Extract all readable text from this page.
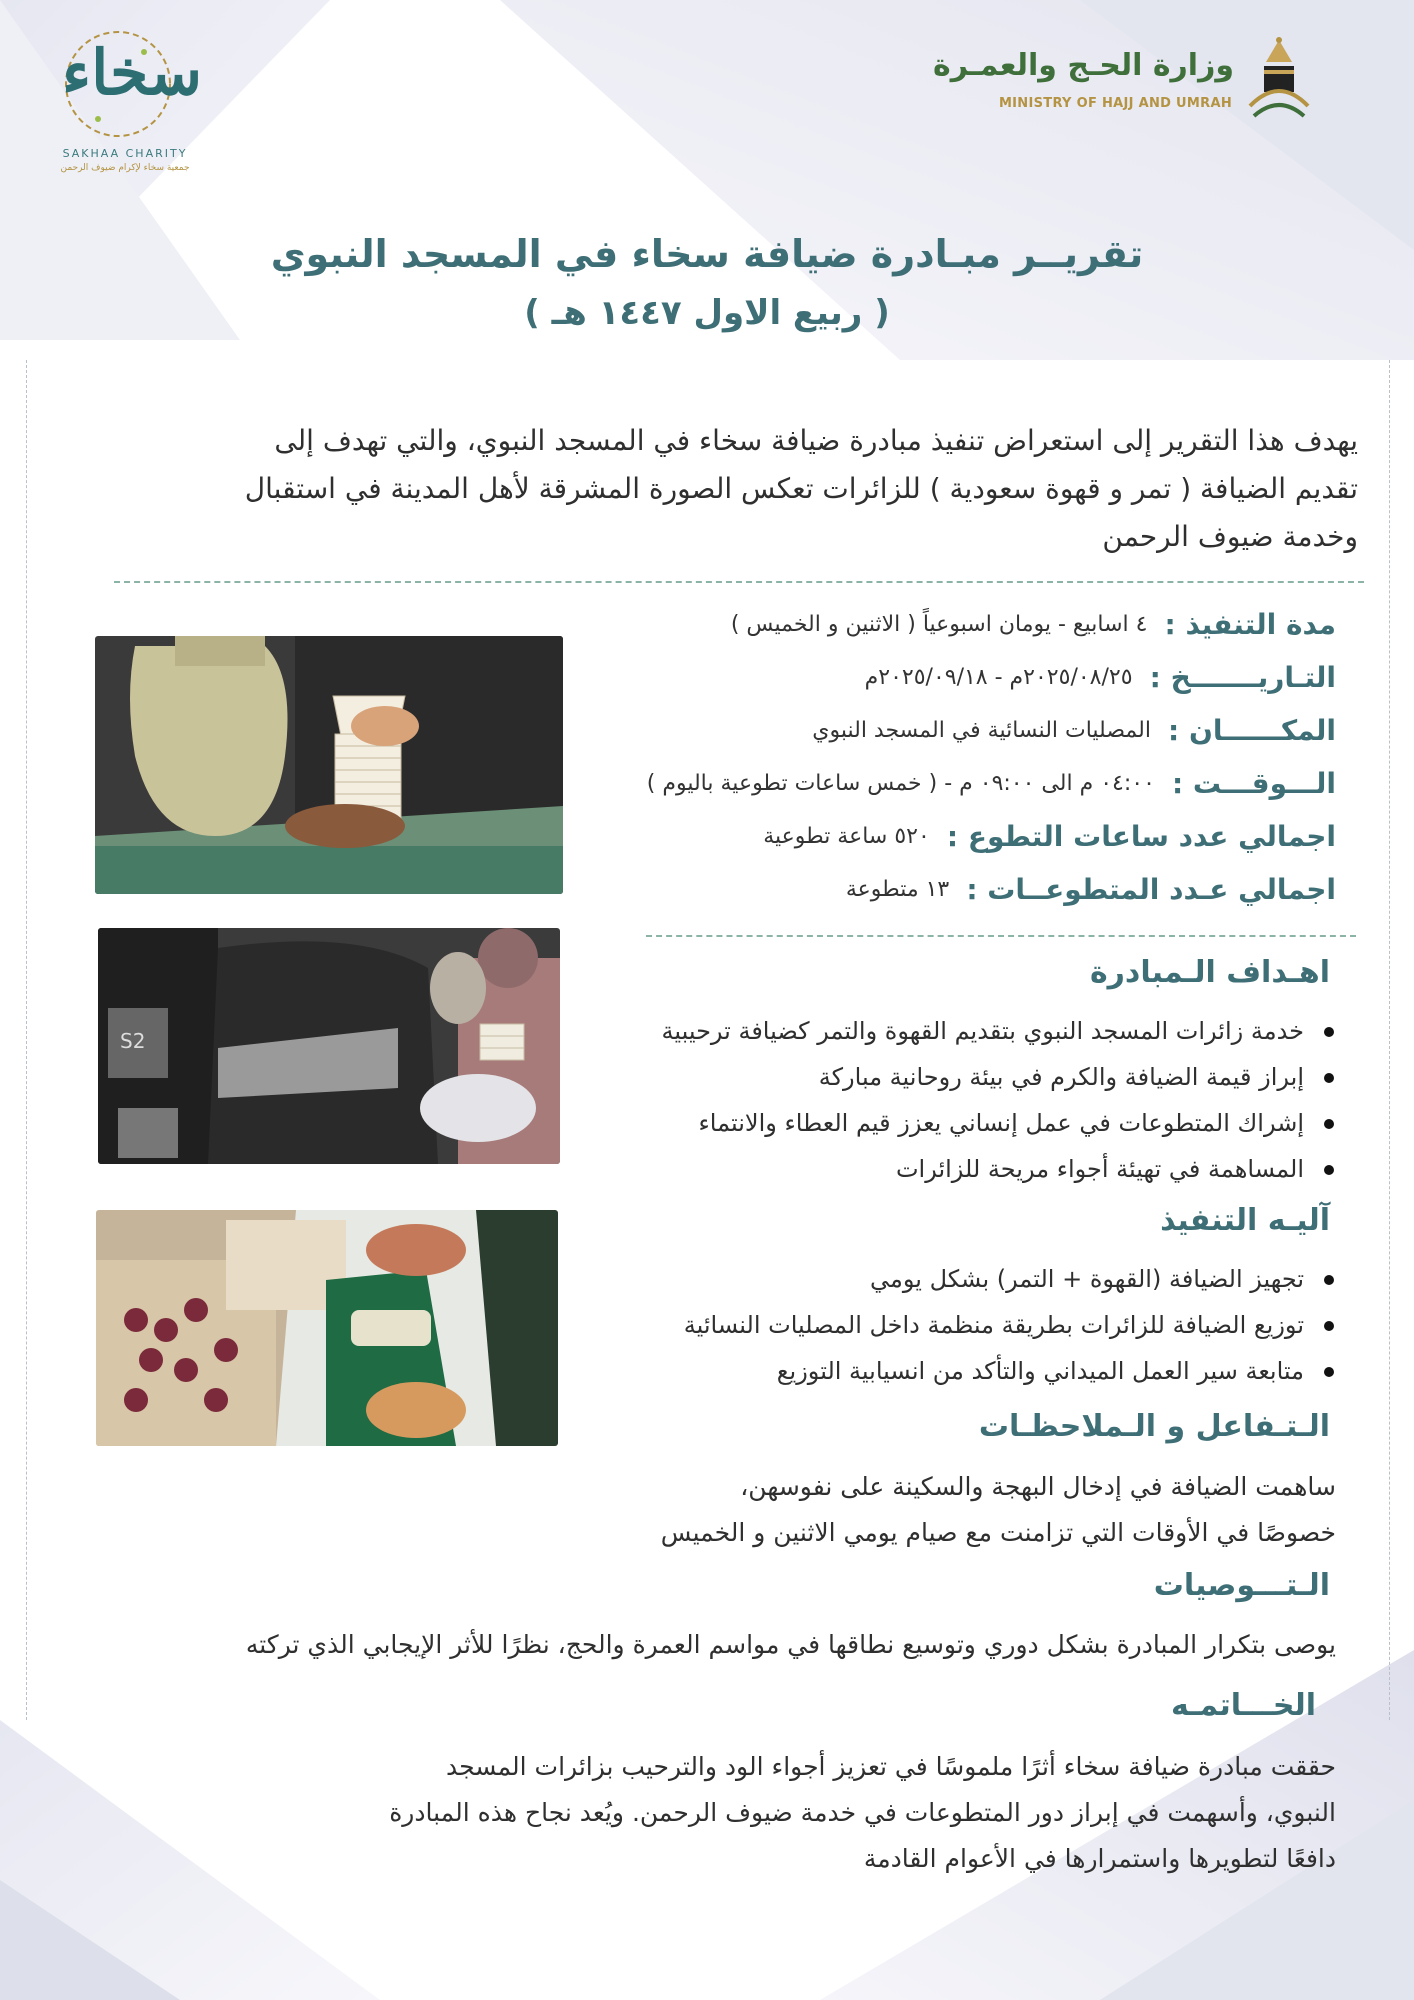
وزارة الحـج والعمـرة
MINISTRY OF HAJJ AND UMRAH
سخاء
SAKHAA CHARITY
جمعية سخاء لإكرام ضيوف الرحمن
تقريــر مبـادرة ضيافة سخاء في المسجد النبوي
( ربيع الاول ١٤٤٧ هـ )
يهدف هذا التقرير إلى استعراض تنفيذ مبادرة ضيافة سخاء في المسجد النبوي، والتي تهدف إلى تقديم الضيافة ( تمر و قهوة سعودية ) للزائرات تعكس الصورة المشرقة لأهل المدينة في استقبال وخدمة ضيوف الرحمن
S2
مدة التنفيذ : ٤ اسابيع - يومان اسبوعياً ( الاثنين و الخميس )
التـاريـــــــخ : ٢٠٢٥/٠٨/٢٥م - ٢٠٢٥/٠٩/١٨م
المكــــــان : المصليات النسائية في المسجد النبوي
الـــوقـــت : ٠٤:٠٠ م الى ٠٩:٠٠ م - ( خمس ساعات تطوعية باليوم )
اجمالي عدد ساعات التطوع : ٥٢٠ ساعة تطوعية
اجمالي عـدد المتطوعــات : ١٣ متطوعة
اهـداف الـمبادرة
خدمة زائرات المسجد النبوي بتقديم القهوة والتمر كضيافة ترحيبية
إبراز قيمة الضيافة والكرم في بيئة روحانية مباركة
إشراك المتطوعات في عمل إنساني يعزز قيم العطاء والانتماء
المساهمة في تهيئة أجواء مريحة للزائرات
آليـه التنفيذ
تجهيز الضيافة (القهوة + التمر) بشكل يومي
توزيع الضيافة للزائرات بطريقة منظمة داخل المصليات النسائية
متابعة سير العمل الميداني والتأكد من انسيابية التوزيع
الـتـفاعل و الـملاحظـات
ساهمت الضيافة في إدخال البهجة والسكينة على نفوسهن،
خصوصًا في الأوقات التي تزامنت مع صيام يومي الاثنين و الخميس
الـتـــوصيات
يوصى بتكرار المبادرة بشكل دوري وتوسيع نطاقها في مواسم العمرة والحج، نظرًا للأثر الإيجابي الذي تركته
الخـــاتمـه
حققت مبادرة ضيافة سخاء أثرًا ملموسًا في تعزيز أجواء الود والترحيب بزائرات المسجد
النبوي، وأسهمت في إبراز دور المتطوعات في خدمة ضيوف الرحمن. ويُعد نجاح هذه المبادرة
دافعًا لتطويرها واستمرارها في الأعوام القادمة
